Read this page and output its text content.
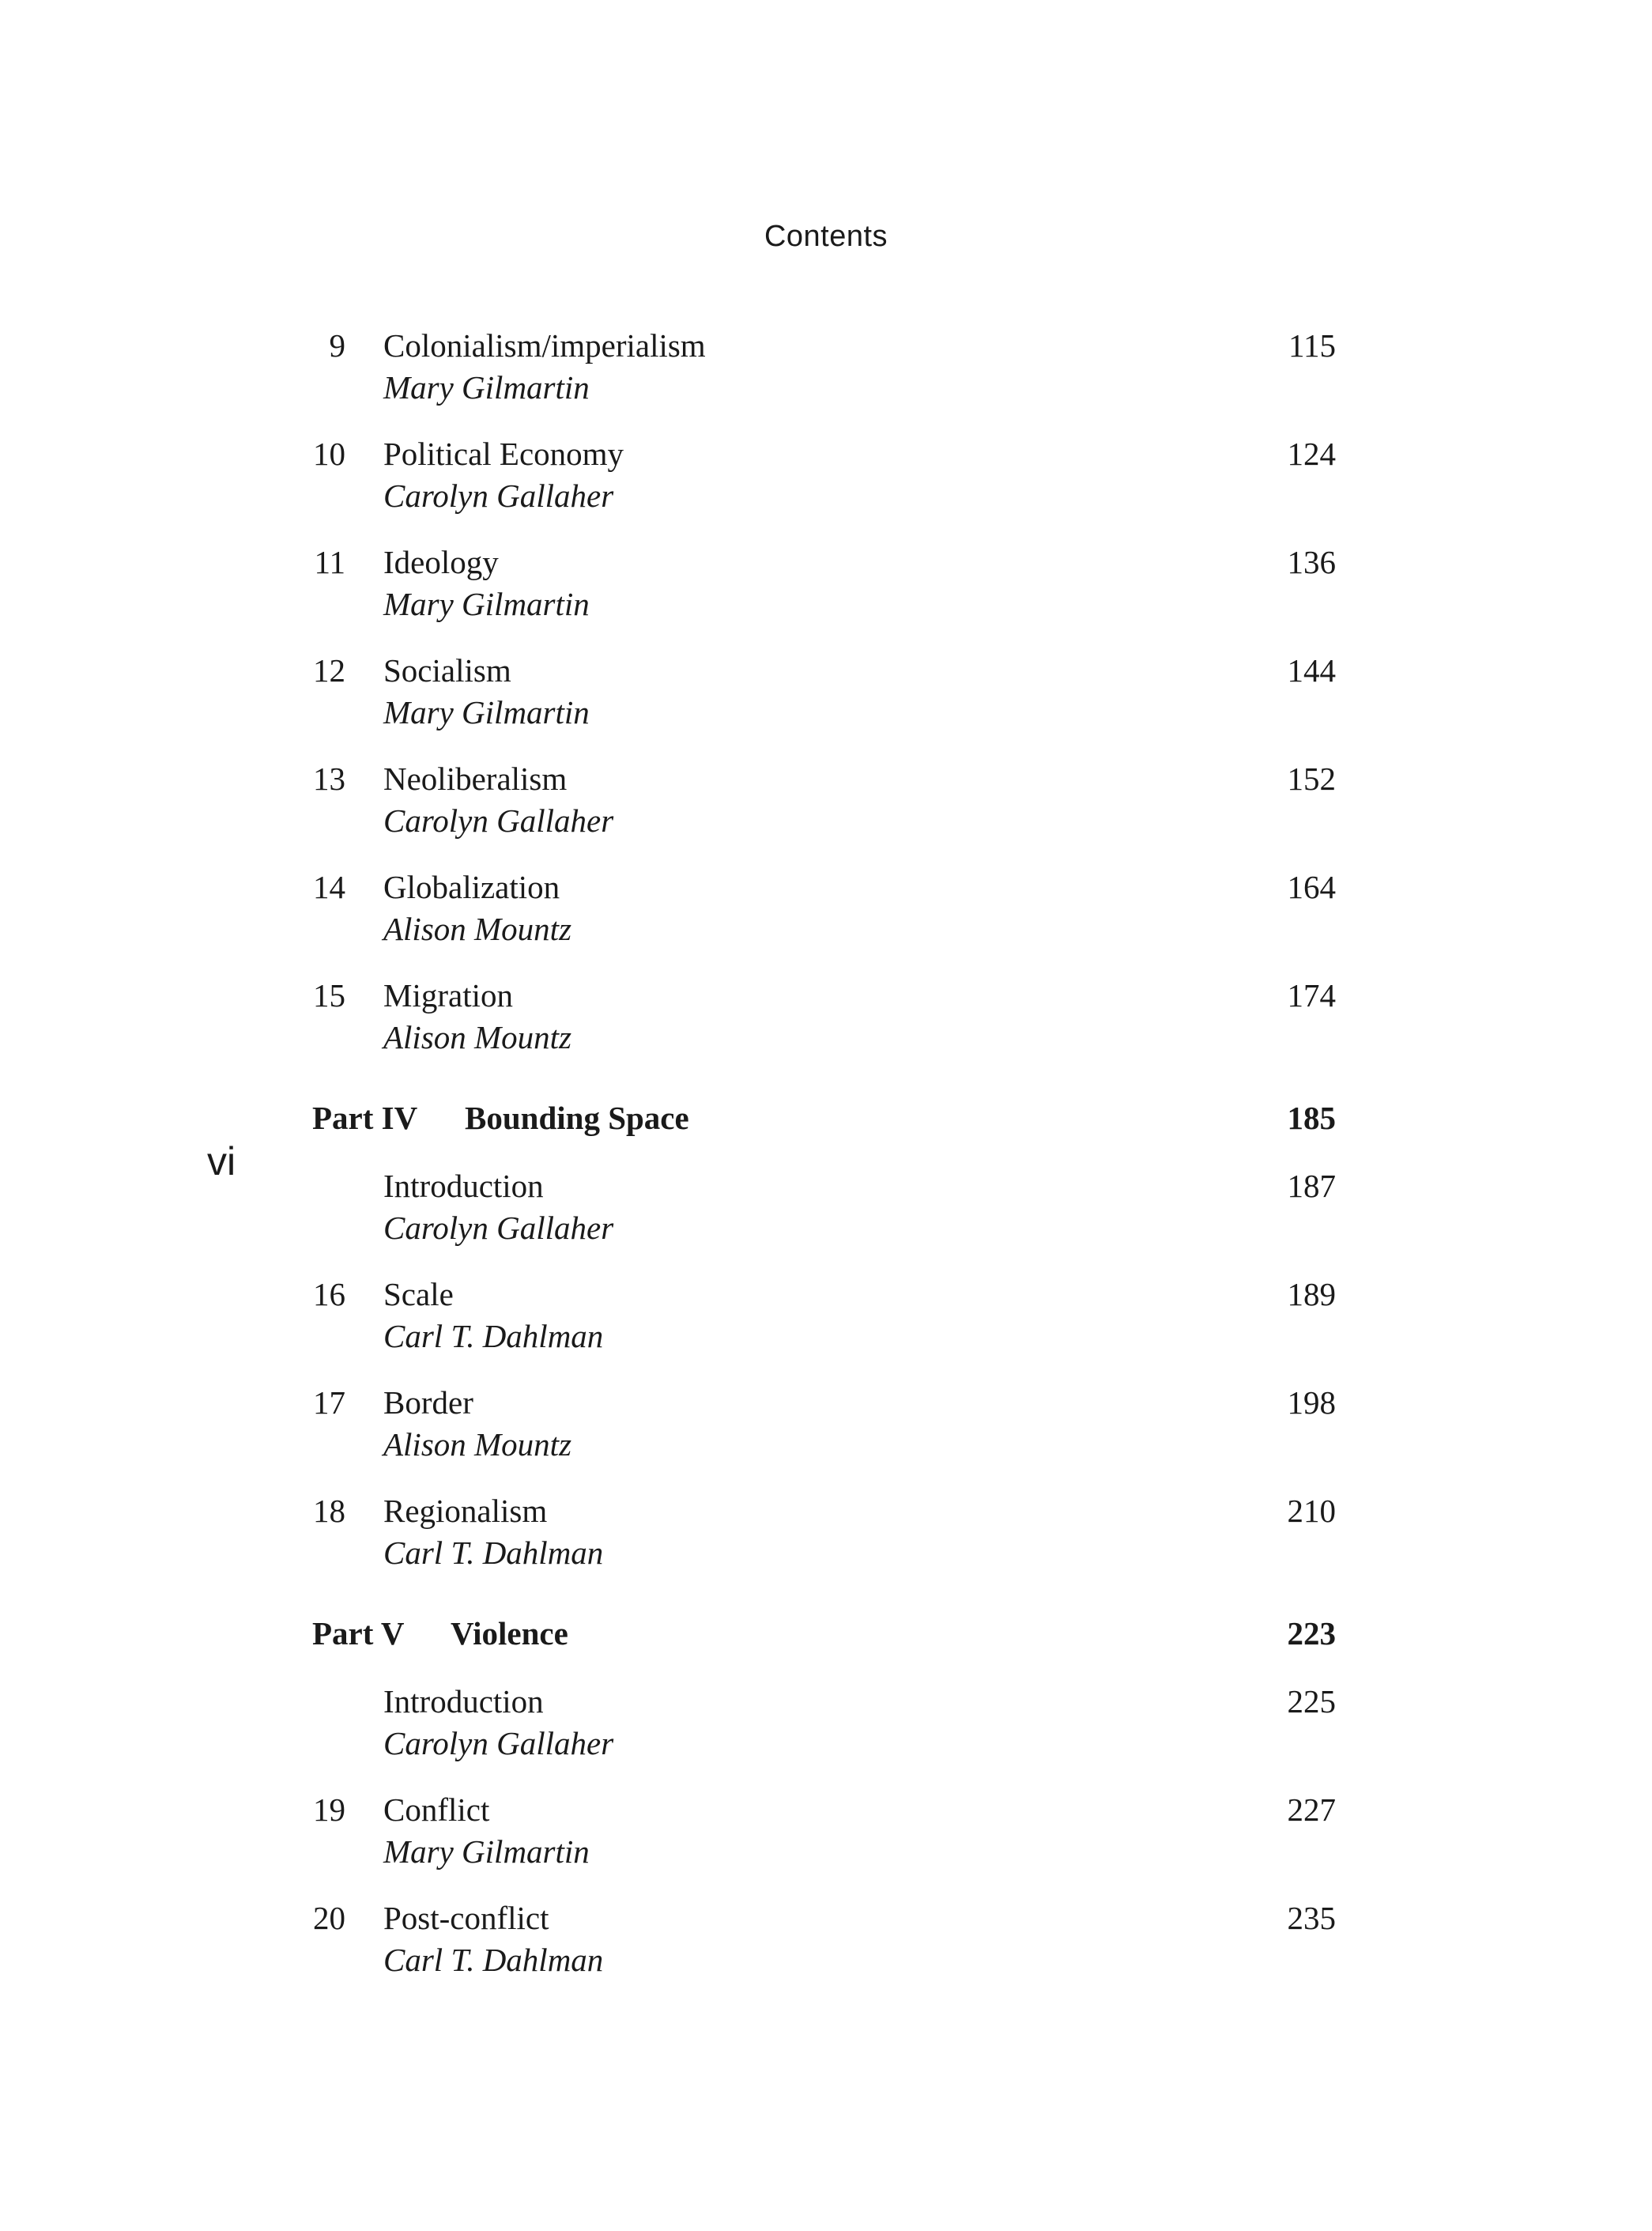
Contents
vi
9 Colonialism/imperialism
Mary Gilmartin
115
10 Political Economy
Carolyn Gallaher
124
11 Ideology
Mary Gilmartin
136
12 Socialism
Mary Gilmartin
144
13 Neoliberalism
Carolyn Gallaher
152
14 Globalization
Alison Mountz
164
15 Migration
Alison Mountz
174
Part IV Bounding Space	185
Introduction
Carolyn Gallaher
187
16 Scale
Carl T. Dahlman
189
17 Border
Alison Mountz
198
18 Regionalism
Carl T. Dahlman
210
Part V Violence	223
Introduction
Carolyn Gallaher
225
19 Conflict
Mary Gilmartin
227
20 Post-conflict
Carl T. Dahlman
235
